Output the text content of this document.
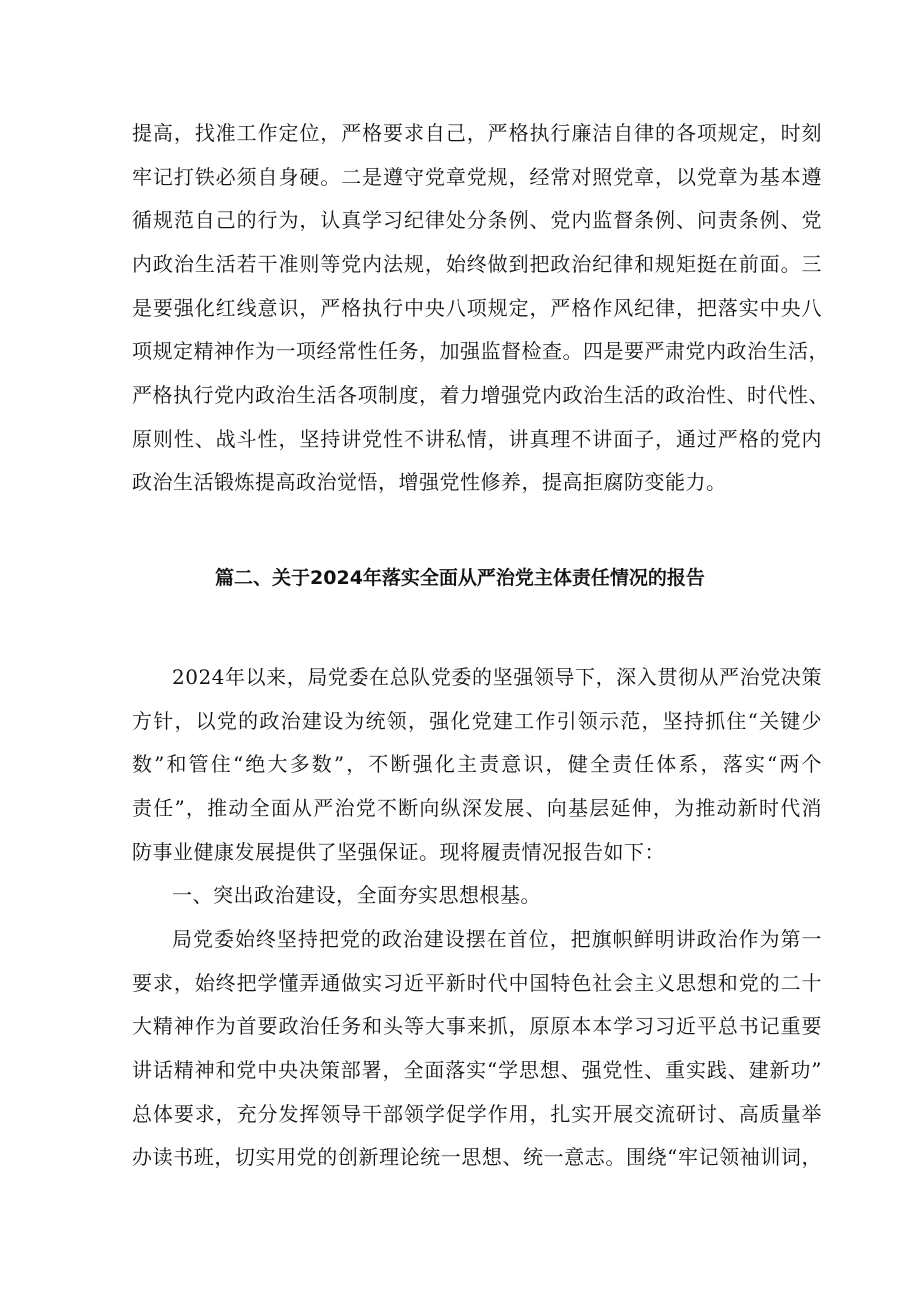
提高，找准工作定位，严格要求自己，严格执行廉洁自律的各项规定，时刻
牢记打铁必须自身硬。二是遵守党章党规，经常对照党章，以党章为基本遵
循规范自己的行为，认真学习纪律处分条例、党内监督条例、问责条例、党
内政治生活若干准则等党内法规，始终做到把政治纪律和规矩挺在前面。三
是要强化红线意识，严格执行中央八项规定，严格作风纪律，把落实中央八
项规定精神作为一项经常性任务，加强监督检查。四是要严肃党内政治生活，
严格执行党内政治生活各项制度，着力增强党内政治生活的政治性、时代性、
原则性、战斗性，坚持讲党性不讲私情，讲真理不讲面子，通过严格的党内
政治生活锻炼提高政治觉悟，增强党性修养，提高拒腐防变能力。
篇二、关于2024年落实全面从严治党主体责任情况的报告
2024年以来，局党委在总队党委的坚强领导下，深入贯彻从严治党决策
方针，以党的政治建设为统领，强化党建工作引领示范，坚持抓住“关键少
数”和管住“绝大多数”，不断强化主责意识，健全责任体系，落实“两个
责任”，推动全面从严治党不断向纵深发展、向基层延伸，为推动新时代消
防事业健康发展提供了坚强保证。现将履责情况报告如下：
一、突出政治建设，全面夯实思想根基。
局党委始终坚持把党的政治建设摆在首位，把旗帜鲜明讲政治作为第一
要求，始终把学懂弄通做实习近平新时代中国特色社会主义思想和党的二十
大精神作为首要政治任务和头等大事来抓，原原本本学习习近平总书记重要
讲话精神和党中央决策部署，全面落实“学思想、强党性、重实践、建新功”
总体要求，充分发挥领导干部领学促学作用，扎实开展交流研讨、高质量举
办读书班，切实用党的创新理论统一思想、统一意志。围绕“牢记领袖训词，
